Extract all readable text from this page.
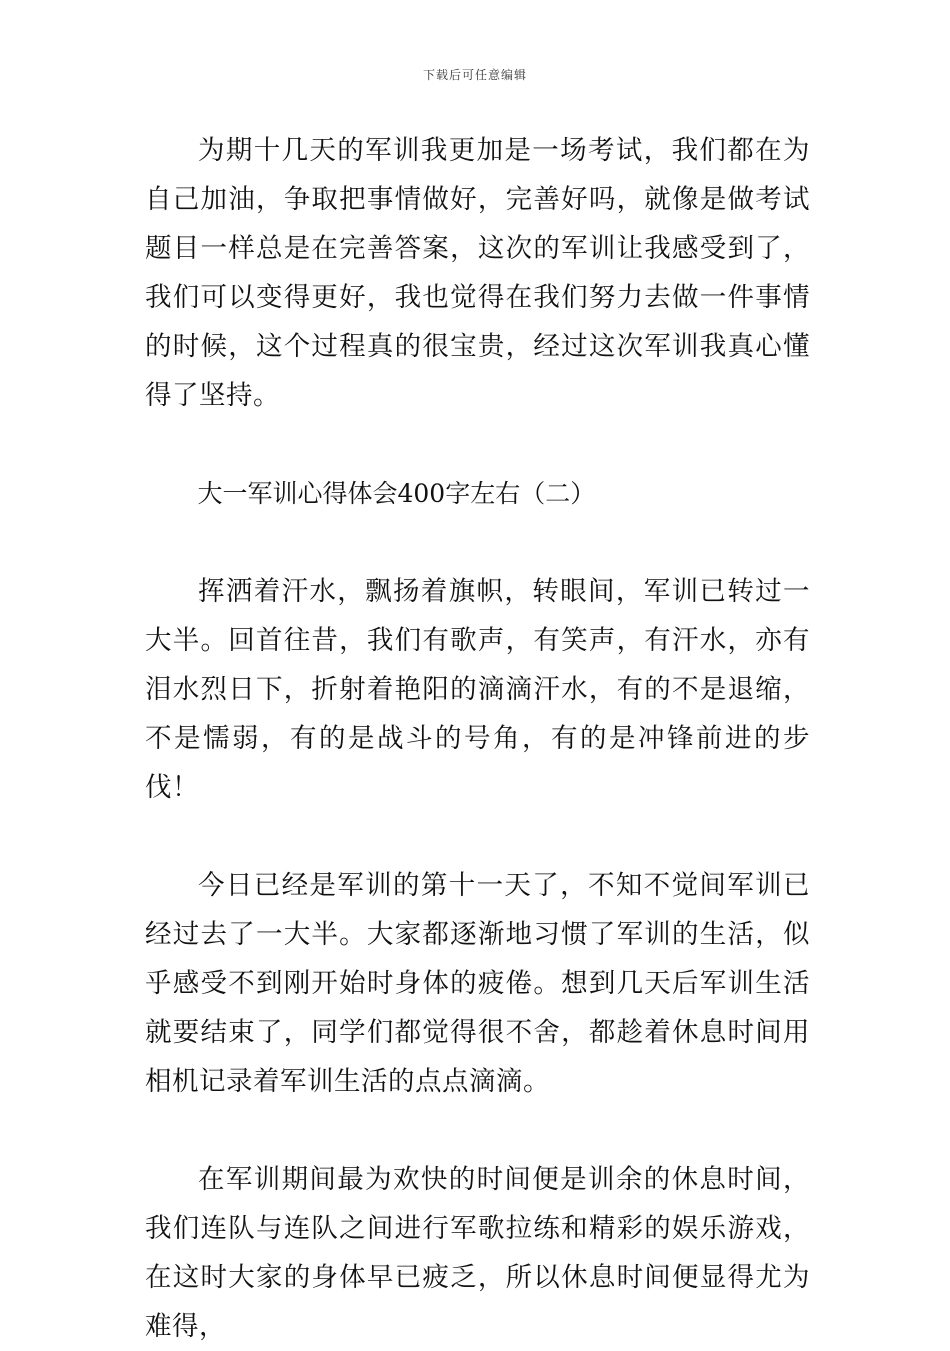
下载后可任意编辑

为期十几天的军训我更加是一场考试，我们都在为自己加油，争取把事情做好，完善好吗，就像是做考试题目一样总是在完善答案，这次的军训让我感受到了，我们可以变得更好，我也觉得在我们努力去做一件事情的时候，这个过程真的很宝贵，经过这次军训我真心懂得了坚持。

大一军训心得体会400字左右（二）

挥洒着汗水，飘扬着旗帜，转眼间，军训已转过一大半。回首往昔，我们有歌声，有笑声，有汗水，亦有泪水烈日下，折射着艳阳的滴滴汗水，有的不是退缩，不是懦弱，有的是战斗的号角，有的是冲锋前进的步伐！

今日已经是军训的第十一天了，不知不觉间军训已经过去了一大半。大家都逐渐地习惯了军训的生活，似乎感受不到刚开始时身体的疲倦。想到几天后军训生活就要结束了，同学们都觉得很不舍，都趁着休息时间用相机记录着军训生活的点点滴滴。

在军训期间最为欢快的时间便是训余的休息时间，我们连队与连队之间进行军歌拉练和精彩的娱乐游戏，在这时大家的身体早已疲乏，所以休息时间便显得尤为难得，
